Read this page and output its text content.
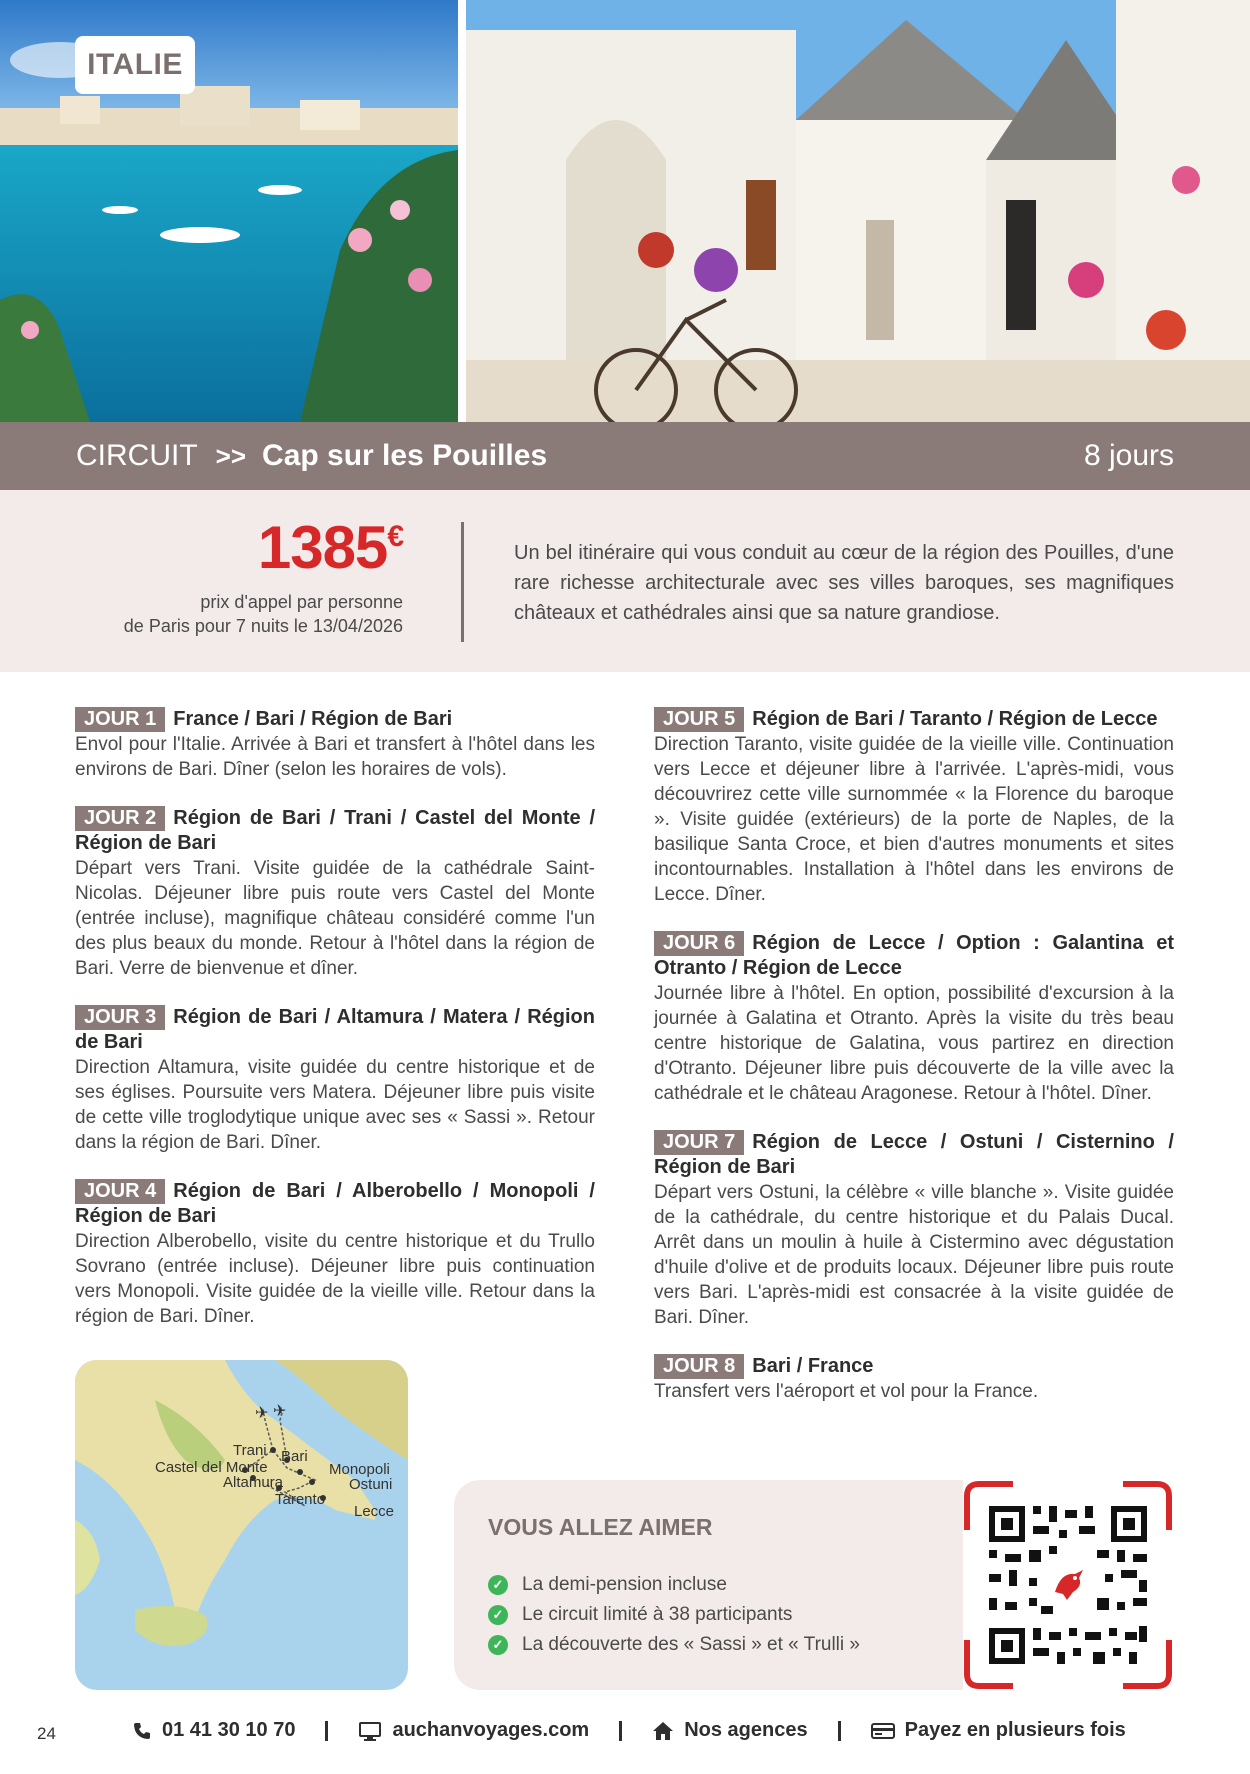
ITALIE
CIRCUIT >> Cap sur les Pouilles	8 jours
1385€
prix d'appel par personne
de Paris pour 7 nuits le 13/04/2026

Un bel itinéraire qui vous conduit au cœur de la région des Pouilles, d'une rare richesse architecturale avec ses villes baroques, ses magnifiques châteaux et cathédrales ainsi que sa nature grandiose.

JOUR 1 France / Bari / Région de Bari
Envol pour l'Italie. Arrivée à Bari et transfert à l'hôtel dans les environs de Bari. Dîner (selon les horaires de vols).
JOUR 2 Région de Bari / Trani / Castel del Monte / Région de Bari
Départ vers Trani. Visite guidée de la cathédrale Saint-Nicolas. Déjeuner libre puis route vers Castel del Monte (entrée incluse), magnifique château considéré comme l'un des plus beaux du monde. Retour à l'hôtel dans la région de Bari. Verre de bienvenue et dîner.
JOUR 3 Région de Bari / Altamura / Matera / Région de Bari
Direction Altamura, visite guidée du centre historique et de ses églises. Poursuite vers Matera. Déjeuner libre puis visite de cette ville troglodytique unique avec ses « Sassi ». Retour dans la région de Bari. Dîner.
JOUR 4 Région de Bari / Alberobello / Monopoli / Région de Bari
Direction Alberobello, visite du centre historique et du Trullo Sovrano (entrée incluse). Déjeuner libre puis continuation vers Monopoli. Visite guidée de la vieille ville. Retour dans la région de Bari. Dîner.
JOUR 5 Région de Bari / Taranto / Région de Lecce
Direction Taranto, visite guidée de la vieille ville. Continuation vers Lecce et déjeuner libre à l'arrivée. L'après-midi, vous découvrirez cette ville surnommée « la Florence du baroque ». Visite guidée (extérieurs) de la porte de Naples, de la basilique Santa Croce, et bien d'autres monuments et sites incontournables. Installation à l'hôtel dans les environs de Lecce. Dîner.
JOUR 6 Région de Lecce / Option : Galantina et Otranto / Région de Lecce
Journée libre à l'hôtel. En option, possibilité d'excursion à la journée à Galatina et Otranto. Après la visite du très beau centre historique de Galatina, vous partirez en direction d'Otranto. Déjeuner libre puis découverte de la ville avec la cathédrale et le château Aragonese. Retour à l'hôtel. Dîner.
JOUR 7 Région de Lecce / Ostuni / Cisternino / Région de Bari
Départ vers Ostuni, la célèbre « ville blanche ». Visite guidée de la cathédrale, du centre historique et du Palais Ducal. Arrêt dans un moulin à huile à Cistermino avec dégustation d'huile d'olive et de produits locaux. Déjeuner libre puis route vers Bari. L'après-midi est consacrée à la visite guidée de Bari. Dîner.
JOUR 8 Bari / France
Transfert vers l'aéroport et vol pour la France.
✈ ✈
Trani Bari
Castel del Monte	Monopoli
Altamura	Ostuni
Tarento
Lecce
VOUS ALLEZ AIMER
✓ La demi-pension incluse
✓ Le circuit limité à 38 participants
✓ La découverte des « Sassi » et « Trulli »
24	01 41 30 10 70	auchanvoyages.com	Nos agences	Payez en plusieurs fois
